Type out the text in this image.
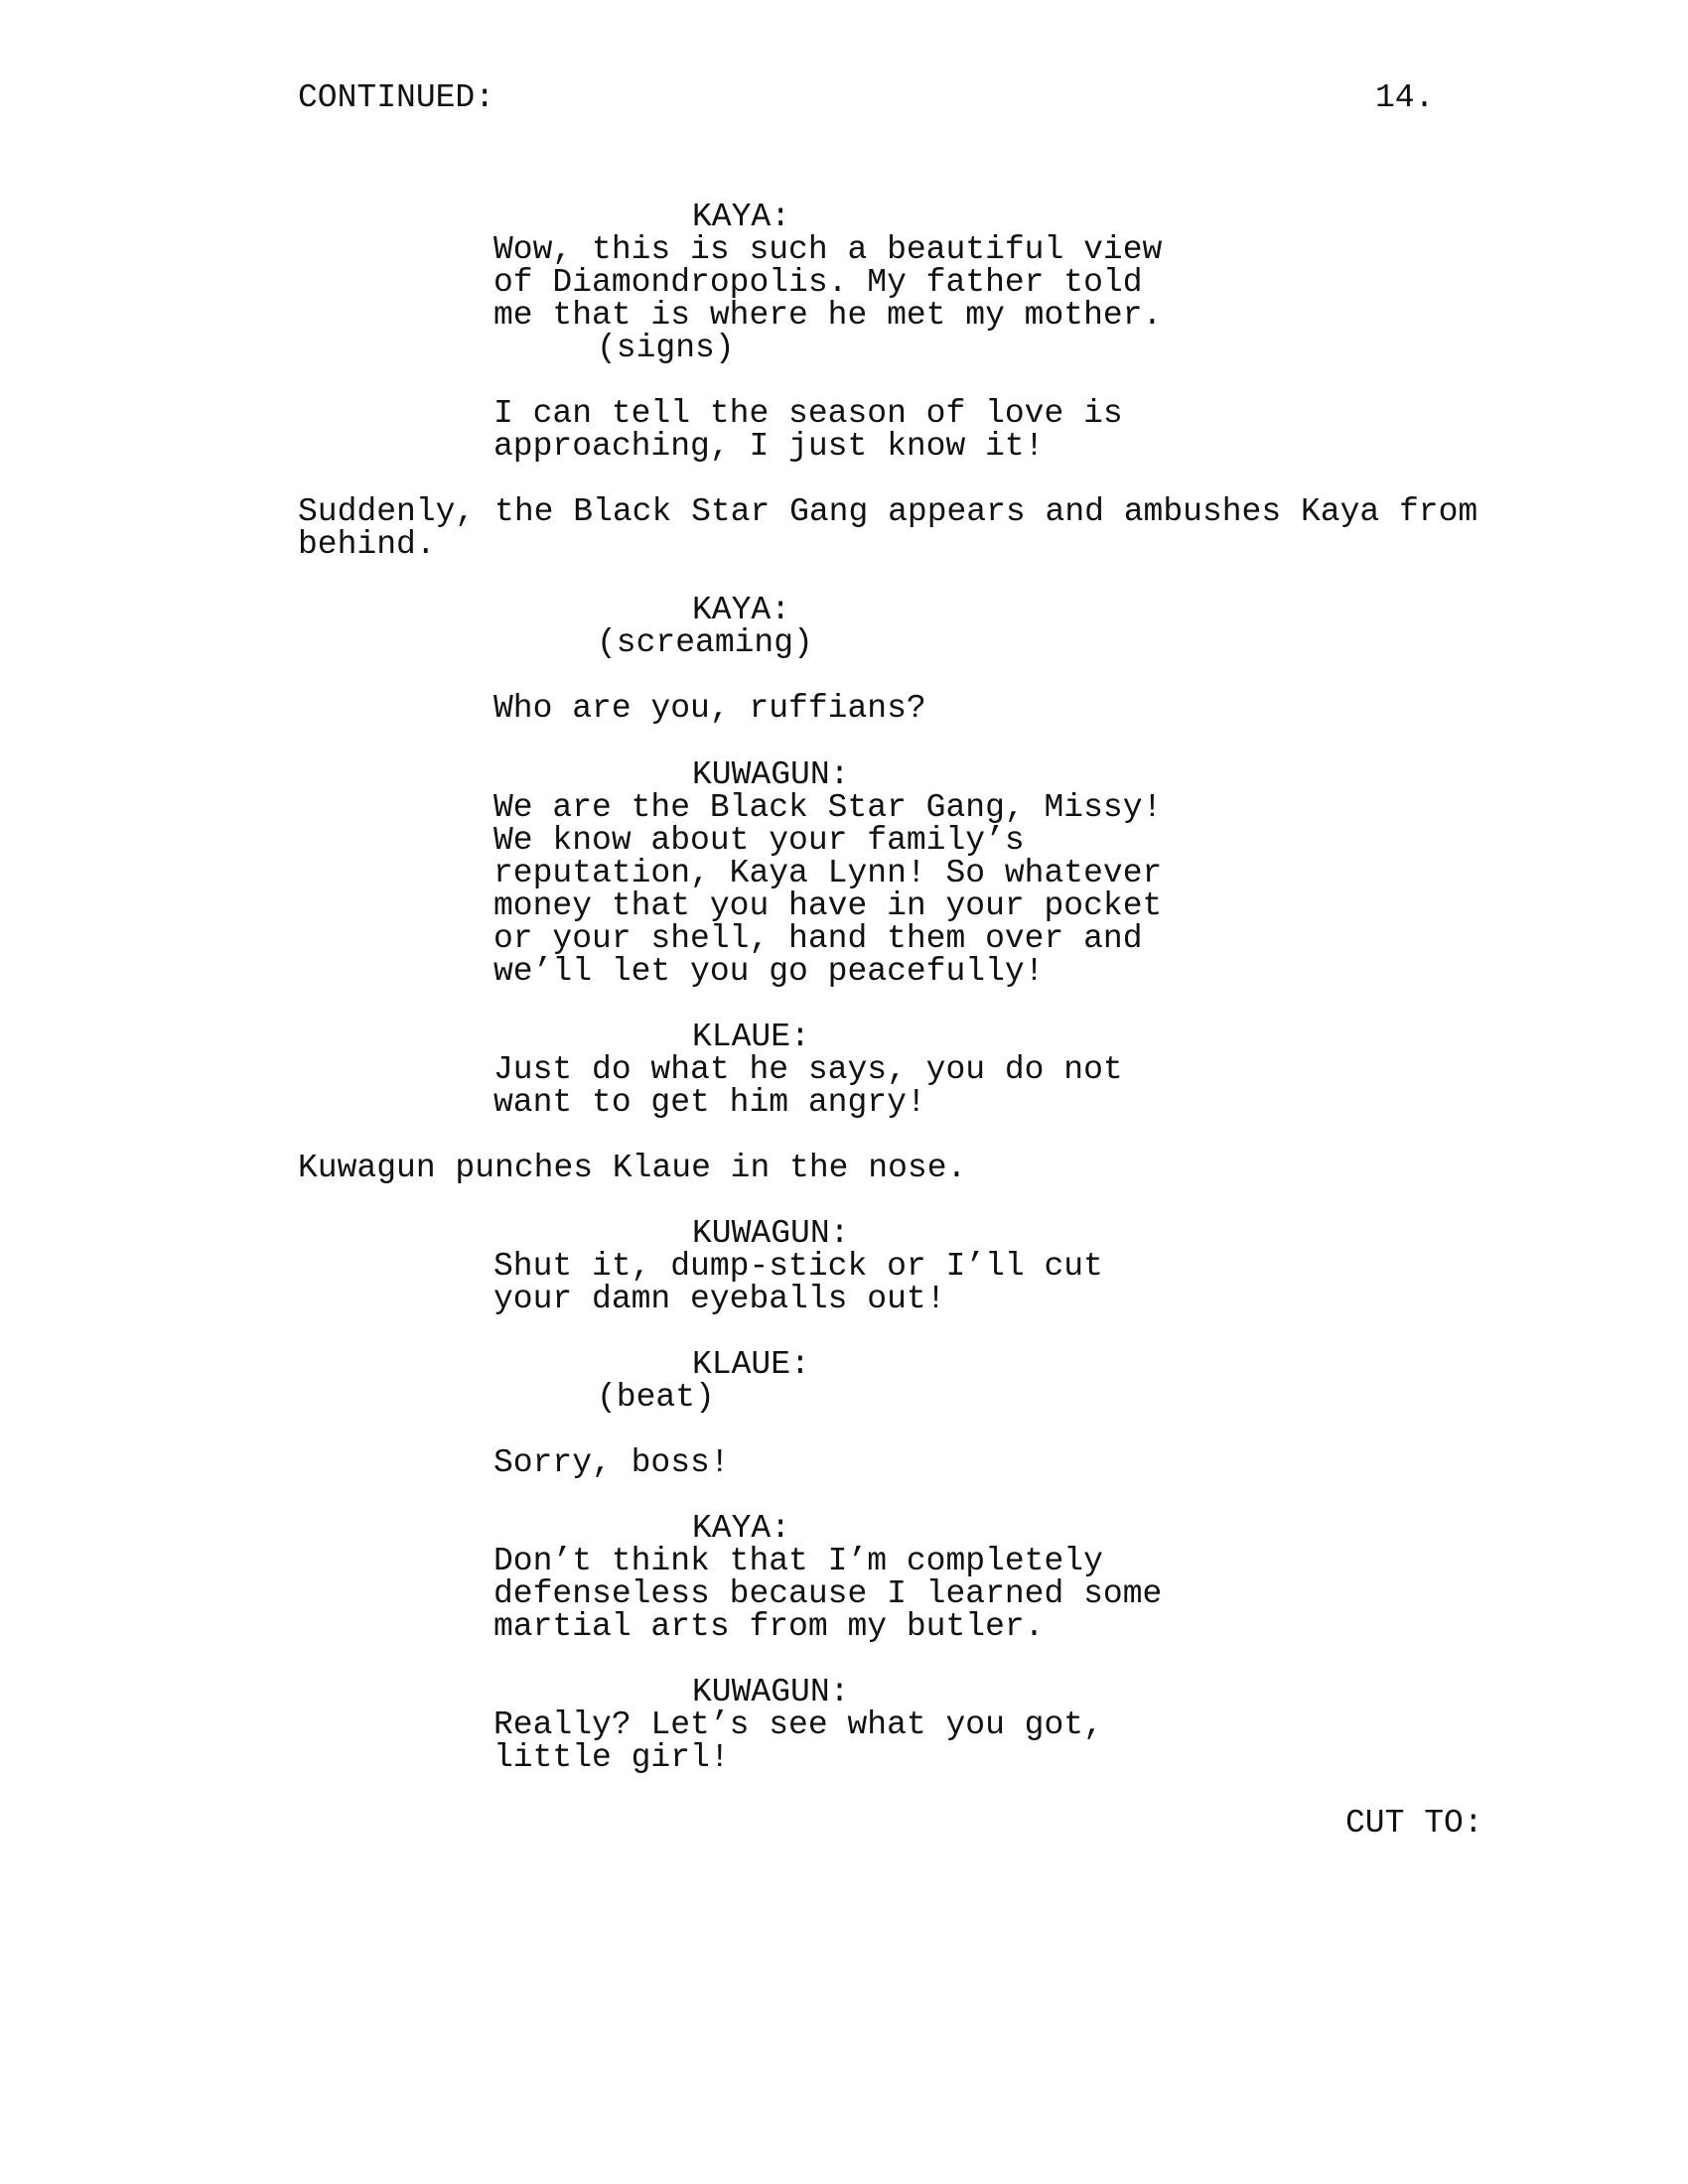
CONTINUED:	14.
KAYA:
Wow, this is such a beautiful view
of Diamondropolis. My father told
me that is where he met my mother.
(signs)
I can tell the season of love is
approaching, I just know it!
Suddenly, the Black Star Gang appears and ambushes Kaya from
behind.
KAYA:
(screaming)
Who are you, ruffians?
KUWAGUN:
We are the Black Star Gang, Missy!
We know about your family’s
reputation, Kaya Lynn! So whatever
money that you have in your pocket
or your shell, hand them over and
we’ll let you go peacefully!
KLAUE:
Just do what he says, you do not
want to get him angry!
Kuwagun punches Klaue in the nose.
KUWAGUN:
Shut it, dump-stick or I’ll cut
your damn eyeballs out!
KLAUE:
(beat)
Sorry, boss!
KAYA:
Don’t think that I’m completely
defenseless because I learned some
martial arts from my butler.
KUWAGUN:
Really? Let’s see what you got,
little girl!
CUT TO:
